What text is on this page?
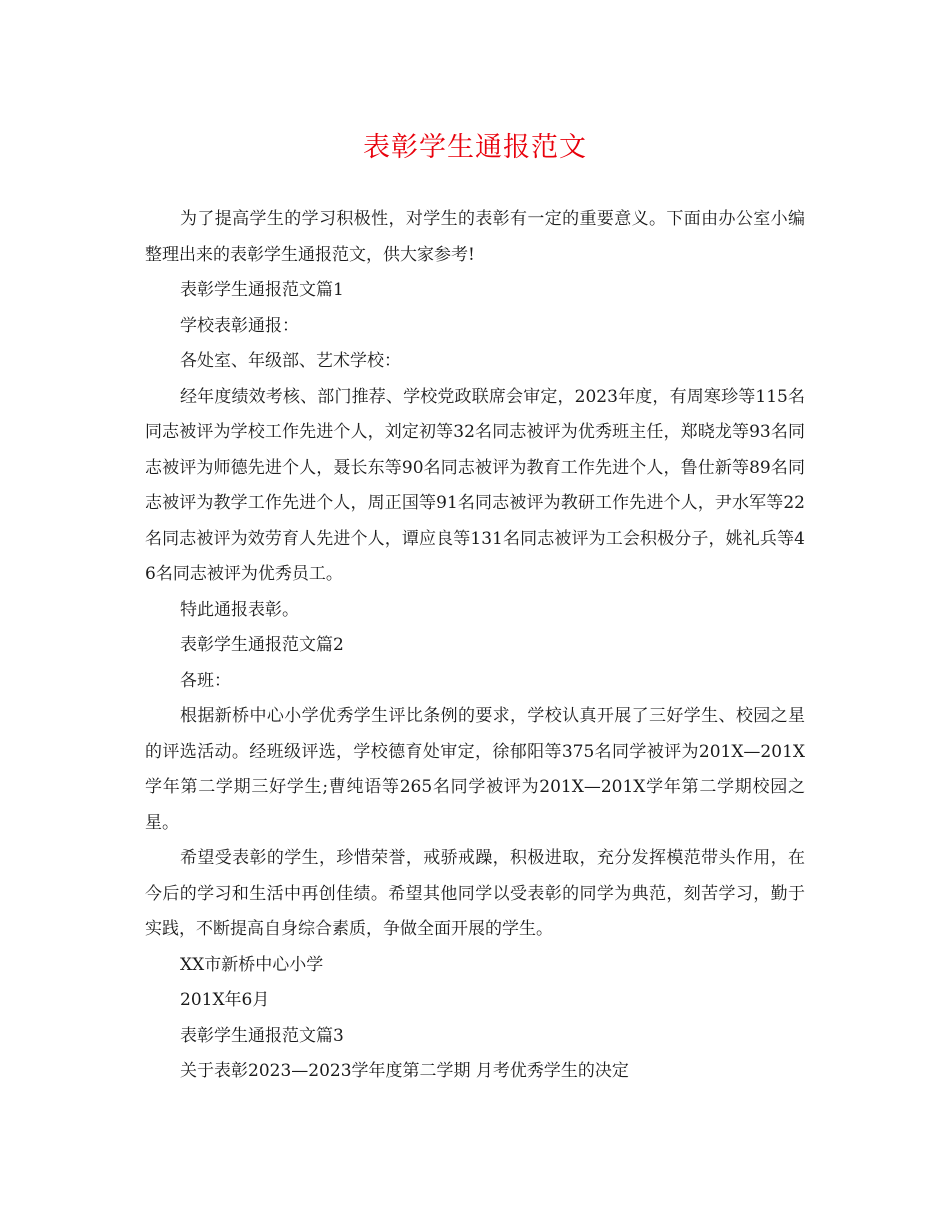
表彰学生通报范文

为了提高学生的学习积极性，对学生的表彰有一定的重要意义。下面由办公室小编整理出来的表彰学生通报范文，供大家参考!

表彰学生通报范文篇1

学校表彰通报：

各处室、年级部、艺术学校：

经年度绩效考核、部门推荐、学校党政联席会审定，2023年度，有周寒珍等115名同志被评为学校工作先进个人，刘定初等32名同志被评为优秀班主任，郑晓龙等93名同志被评为师德先进个人，聂长东等90名同志被评为教育工作先进个人，鲁仕新等89名同志被评为教学工作先进个人，周正国等91名同志被评为教研工作先进个人，尹水军等22名同志被评为效劳育人先进个人，谭应良等131名同志被评为工会积极分子，姚礼兵等46名同志被评为优秀员工。

特此通报表彰。

表彰学生通报范文篇2

各班：

根据新桥中心小学优秀学生评比条例的要求，学校认真开展了三好学生、校园之星的评选活动。经班级评选，学校德育处审定，徐郁阳等375名同学被评为201X—201X学年第二学期三好学生;曹纯语等265名同学被评为201X—201X学年第二学期校园之星。

希望受表彰的学生，珍惜荣誉，戒骄戒躁，积极进取，充分发挥模范带头作用，在今后的学习和生活中再创佳绩。希望其他同学以受表彰的同学为典范，刻苦学习，勤于实践，不断提高自身综合素质，争做全面开展的学生。

XX市新桥中心小学

201X年6月

表彰学生通报范文篇3

关于表彰2023—2023学年度第二学期 月考优秀学生的决定
